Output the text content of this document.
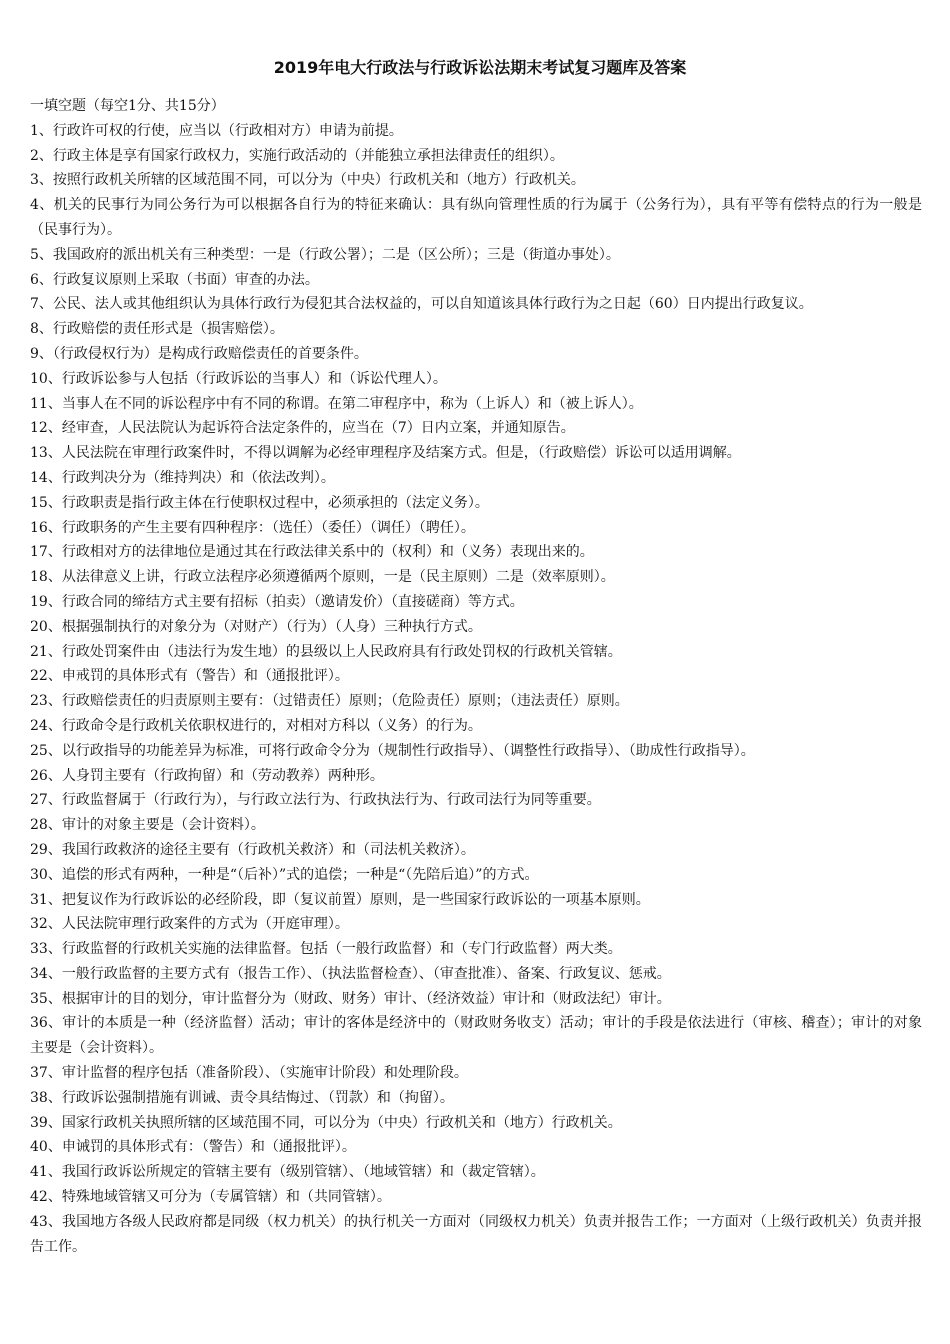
2019年电大行政法与行政诉讼法期末考试复习题库及答案
一填空题（每空1分、共15分）

1、行政许可权的行使，应当以（行政相对方）申请为前提。

2、行政主体是享有国家行政权力，实施行政活动的（并能独立承担法律责任的组织）。

3、按照行政机关所辖的区域范围不同，可以分为（中央）行政机关和（地方）行政机关。

4、机关的民事行为同公务行为可以根据各自行为的特征来确认：具有纵向管理性质的行为属于（公务行为），具有平等有偿特点的行为一般是（民事行为）。

5、我国政府的派出机关有三种类型：一是（行政公署）；二是（区公所）；三是（街道办事处）。

6、行政复议原则上采取（书面）审查的办法。

7、公民、法人或其他组织认为具体行政行为侵犯其合法权益的，可以自知道该具体行政行为之日起（60）日内提出行政复议。

8、行政赔偿的责任形式是（损害赔偿）。

9、（行政侵权行为）是构成行政赔偿责任的首要条件。

10、行政诉讼参与人包括（行政诉讼的当事人）和（诉讼代理人）。

11、当事人在不同的诉讼程序中有不同的称谓。在第二审程序中，称为（上诉人）和（被上诉人）。

12、经审查，人民法院认为起诉符合法定条件的，应当在（7）日内立案，并通知原告。

13、人民法院在审理行政案件时，不得以调解为必经审理程序及结案方式。但是，（行政赔偿）诉讼可以适用调解。

14、行政判决分为（维持判决）和（依法改判）。

15、行政职责是指行政主体在行使职权过程中，必须承担的（法定义务）。

16、行政职务的产生主要有四种程序：（选任）（委任）（调任）（聘任）。

17、行政相对方的法律地位是通过其在行政法律关系中的（权利）和（义务）表现出来的。

18、从法律意义上讲，行政立法程序必须遵循两个原则，一是（民主原则）二是（效率原则）。

19、行政合同的缔结方式主要有招标（拍卖）（邀请发价）（直接磋商）等方式。

20、根据强制执行的对象分为（对财产）（行为）（人身）三种执行方式。

21、行政处罚案件由（违法行为发生地）的县级以上人民政府具有行政处罚权的行政机关管辖。

22、申戒罚的具体形式有（警告）和（通报批评）。

23、行政赔偿责任的归责原则主要有：（过错责任）原则；（危险责任）原则；（违法责任）原则。

24、行政命令是行政机关依职权进行的，对相对方科以（义务）的行为。

25、以行政指导的功能差异为标准，可将行政命令分为（规制性行政指导）、（调整性行政指导）、（助成性行政指导）。

26、人身罚主要有（行政拘留）和（劳动教养）两种形。

27、行政监督属于（行政行为），与行政立法行为、行政执法行为、行政司法行为同等重要。

28、审计的对象主要是（会计资料）。

29、我国行政救济的途径主要有（行政机关救济）和（司法机关救济）。

30、追偿的形式有两种，一种是“（后补）”式的追偿；一种是“（先陪后追）”的方式。

31、把复议作为行政诉讼的必经阶段，即（复议前置）原则，是一些国家行政诉讼的一项基本原则。

32、人民法院审理行政案件的方式为（开庭审理）。

33、行政监督的行政机关实施的法律监督。包括（一般行政监督）和（专门行政监督）两大类。

34、一般行政监督的主要方式有（报告工作）、（执法监督检查）、（审查批准）、备案、行政复议、惩戒。

35、根据审计的目的划分，审计监督分为（财政、财务）审计、（经济效益）审计和（财政法纪）审计。

36、审计的本质是一种（经济监督）活动；审计的客体是经济中的（财政财务收支）活动；审计的手段是依法进行（审核、稽查）；审计的对象主要是（会计资料）。

37、审计监督的程序包括（准备阶段）、（实施审计阶段）和处理阶段。

38、行政诉讼强制措施有训诫、责令具结悔过、（罚款）和（拘留）。

39、国家行政机关执照所辖的区域范围不同，可以分为（中央）行政机关和（地方）行政机关。

40、申诫罚的具体形式有：（警告）和（通报批评）。

41、我国行政诉讼所规定的管辖主要有（级别管辖）、（地域管辖）和（裁定管辖）。

42、特殊地域管辖又可分为（专属管辖）和（共同管辖）。

43、我国地方各级人民政府都是同级（权力机关）的执行机关一方面对（同级权力机关）负责并报告工作；一方面对（上级行政机关）负责并报告工作。
